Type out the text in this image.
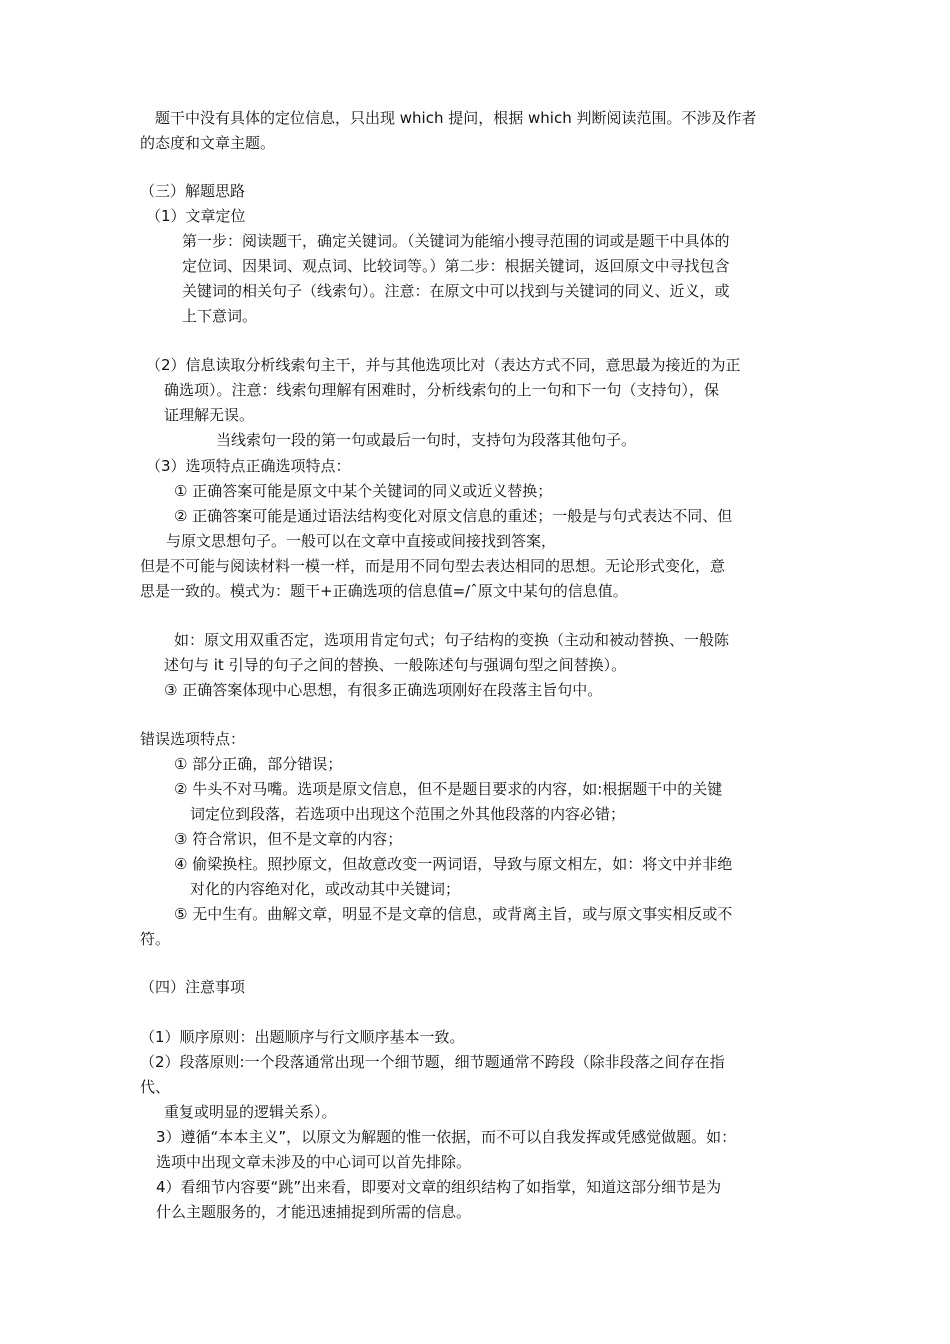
题干中没有具体的定位信息，只出现 which 提问，根据 which 判断阅读范围。不涉及作者
的态度和文章主题。
（三）解题思路
（1）文章定位
第一步：阅读题干，确定关键词。（关键词为能缩小搜寻范围的词或是题干中具体的
定位词、因果词、观点词、比较词等。）第二步：根据关键词，返回原文中寻找包含
关键词的相关句子（线索句）。注意：在原文中可以找到与关键词的同义、近义，或
上下意词。
（2）信息读取分析线索句主干，并与其他选项比对（表达方式不同，意思最为接近的为正
确选项）。注意：线索句理解有困难时，分析线索句的上一句和下一句（支持句），保
证理解无误。
当线索句一段的第一句或最后一句时，支持句为段落其他句子。
（3）选项特点正确选项特点：
① 正确答案可能是原文中某个关键词的同义或近义替换；
② 正确答案可能是通过语法结构变化对原文信息的重述；一般是与句式表达不同、但
与原文思想句子。一般可以在文章中直接或间接找到答案，
但是不可能与阅读材料一模一样，而是用不同句型去表达相同的思想。无论形式变化，意
思是一致的。模式为：题干+正确选项的信息值=/ˆ原文中某句的信息值。
如：原文用双重否定，选项用肯定句式；句子结构的变换（主动和被动替换、一般陈
述句与 it 引导的句子之间的替换、一般陈述句与强调句型之间替换）。
③ 正确答案体现中心思想，有很多正确选项刚好在段落主旨句中。
错误选项特点：
① 部分正确，部分错误；
② 牛头不对马嘴。选项是原文信息，但不是题目要求的内容，如:根据题干中的关键
词定位到段落，若选项中出现这个范围之外其他段落的内容必错；
③ 符合常识，但不是文章的内容；
④ 偷梁换柱。照抄原文，但故意改变一两词语，导致与原文相左，如：将文中并非绝
对化的内容绝对化，或改动其中关键词；
⑤ 无中生有。曲解文章，明显不是文章的信息，或背离主旨，或与原文事实相反或不
符。
（四）注意事项
（1）顺序原则：出题顺序与行文顺序基本一致。
（2）段落原则:一个段落通常出现一个细节题，细节题通常不跨段（除非段落之间存在指
代、
重复或明显的逻辑关系）。
3）遵循“本本主义”，以原文为解题的惟一依据，而不可以自我发挥或凭感觉做题。如：
选项中出现文章未涉及的中心词可以首先排除。
4）看细节内容要“跳”出来看，即要对文章的组织结构了如指掌，知道这部分细节是为
什么主题服务的，才能迅速捕捉到所需的信息。
